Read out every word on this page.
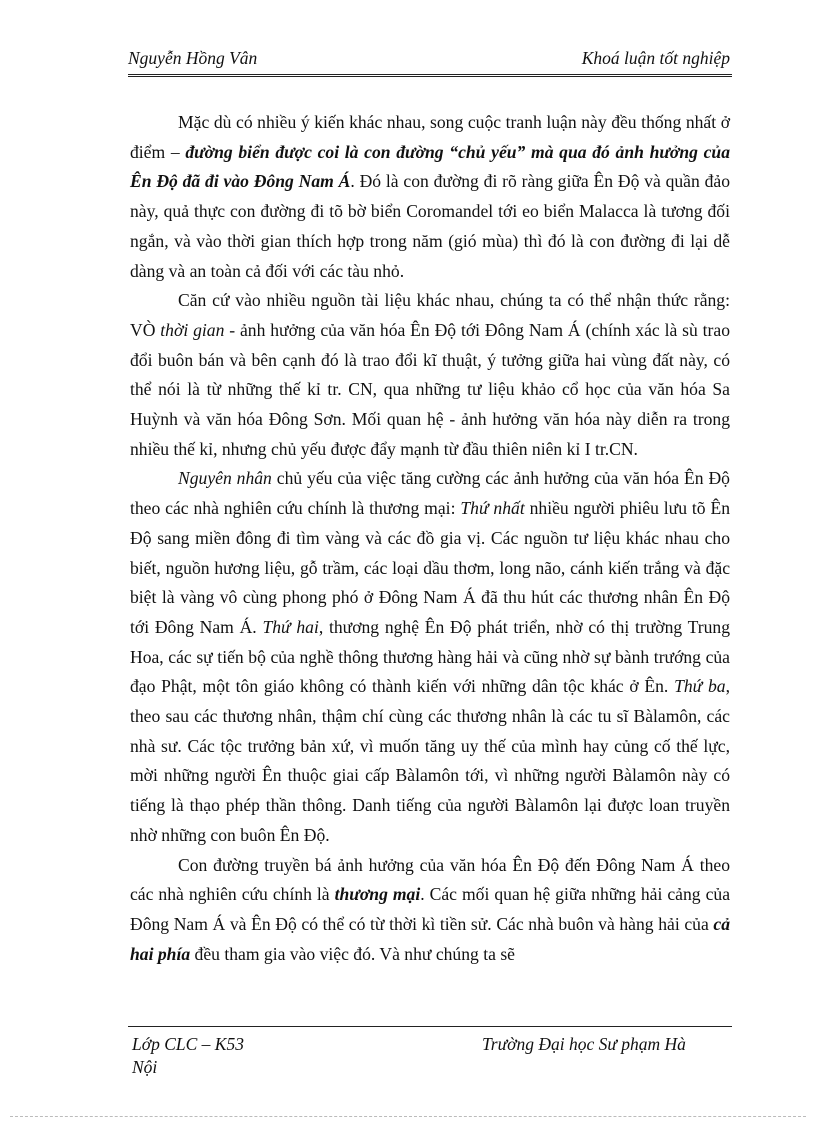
Nguyễn Hồng Vân	Khoá luận tốt nghiệp

Mặc dù có nhiều ý kiến khác nhau, song cuộc tranh luận này đều thống nhất ở điểm – đường biển được coi là con đường “chủ yếu” mà qua đó ảnh hưởng của Ên Độ đã đi vào Đông Nam Á. Đó là con đường đi rõ ràng giữa Ên Độ và quần đảo này, quả thực con đường đi tõ bờ biển Coromandel tới eo biển Malacca là tương đối ngắn, và vào thời gian thích hợp trong năm (gió mùa) thì đó là con đường đi lại dễ dàng và an toàn cả đối với các tàu nhỏ.

Căn cứ vào nhiều nguồn tài liệu khác nhau, chúng ta có thể nhận thức rằng: VÒ thời gian - ảnh hưởng của văn hóa Ên Độ tới Đông Nam Á (chính xác là sù trao đổi buôn bán và bên cạnh đó là trao đổi kĩ thuật, ý tưởng giữa hai vùng đất này, có thể nói là từ những thế kỉ tr. CN, qua những tư liệu khảo cổ học của văn hóa Sa Huỳnh và văn hóa Đông Sơn. Mối quan hệ - ảnh hưởng văn hóa này diễn ra trong nhiều thế kỉ, nhưng chủ yếu được đẩy mạnh từ đầu thiên niên kỉ I tr.CN.

Nguyên nhân chủ yếu của việc tăng cường các ảnh hưởng của văn hóa Ên Độ theo các nhà nghiên cứu chính là thương mại: Thứ nhất nhiều người phiêu lưu tõ Ên Độ sang miền đông đi tìm vàng và các đồ gia vị. Các nguồn tư liệu khác nhau cho biết, nguồn hương liệu, gỗ trầm, các loại dầu thơm, long não, cánh kiến trắng và đặc biệt là vàng vô cùng phong phó ở Đông Nam Á đã thu hút các thương nhân Ên Độ tới Đông Nam Á. Thứ hai, thương nghệ Ên Độ phát triển, nhờ có thị trường Trung Hoa, các sự tiến bộ của nghề thông thương hàng hải và cũng nhờ sự bành trướng của đạo Phật, một tôn giáo không có thành kiến với những dân tộc khác ở Ên. Thứ ba, theo sau các thương nhân, thậm chí cùng các thương nhân là các tu sĩ Bàlamôn, các nhà sư. Các tộc trưởng bản xứ, vì muốn tăng uy thế của mình hay củng cố thế lực, mời những người Ên thuộc giai cấp Bàlamôn tới, vì những người Bàlamôn này có tiếng là thạo phép thần thông. Danh tiếng của người Bàlamôn lại được loan truyền nhờ những con buôn Ên Độ.

Con đường truyền bá ảnh hưởng của văn hóa Ên Độ đến Đông Nam Á theo các nhà nghiên cứu chính là thương mại. Các mối quan hệ giữa những hải cảng của Đông Nam Á và Ên Độ có thể có từ thời kì tiền sử. Các nhà buôn và hàng hải của cả hai phía đều tham gia vào việc đó. Và như chúng ta sẽ

Lớp CLC – K53
Nội
Trường Đại học Sư phạm Hà
